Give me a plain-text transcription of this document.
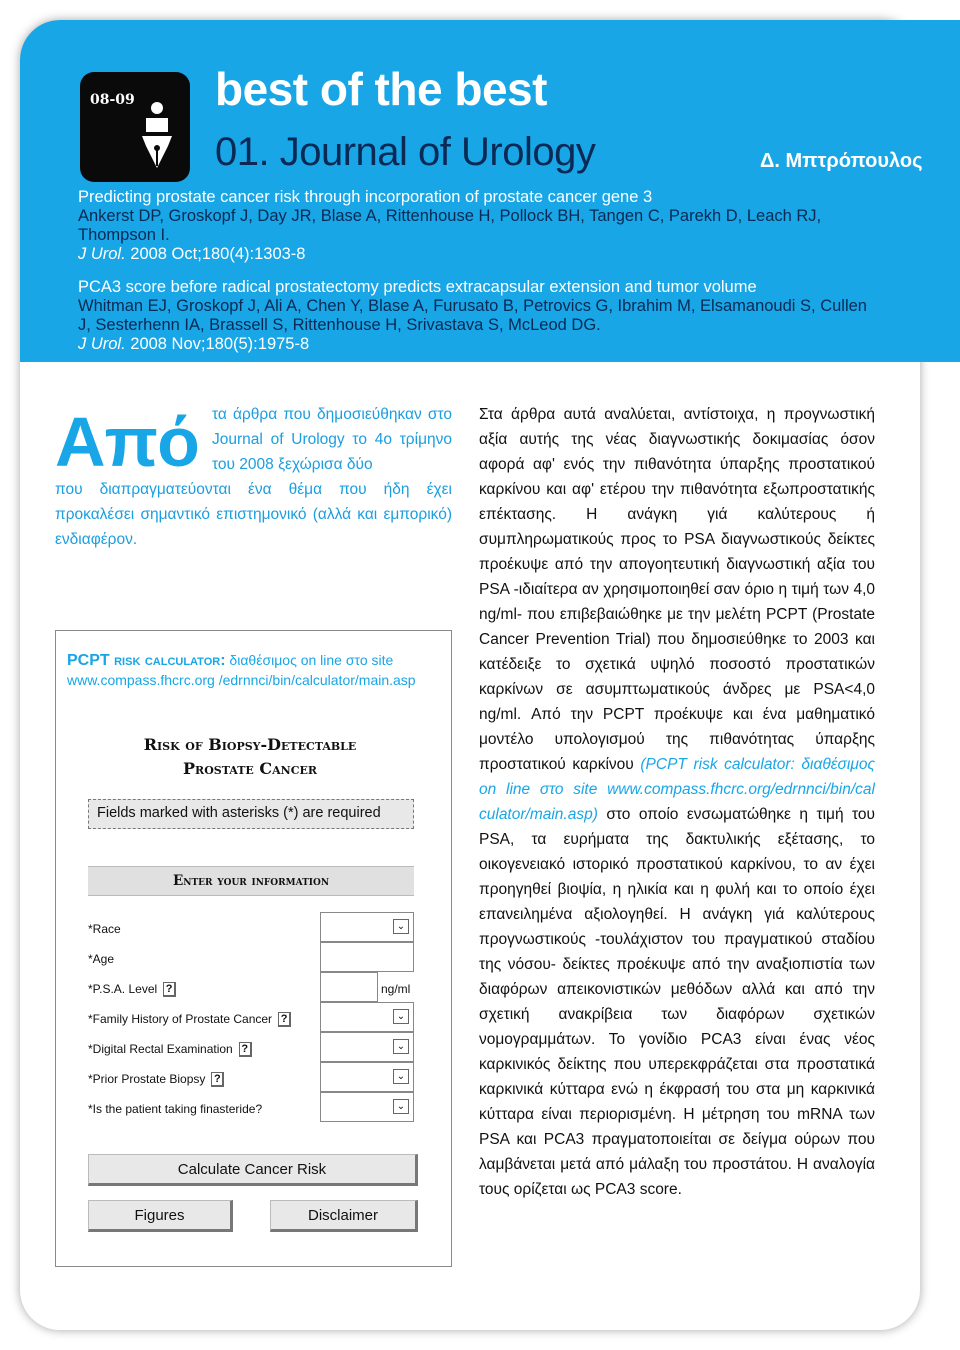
08-09 best of the best
01. Journal of Urology	Δ. Μπτρόπουλος
Predicting prostate cancer risk through incorporation of prostate cancer gene 3
Ankerst DP, Groskopf J, Day JR, Blase A, Rittenhouse H, Pollock BH, Tangen C, Parekh D, Leach RJ, Thompson I.
J Urol. 2008 Oct;180(4):1303-8
PCA3 score before radical prostatectomy predicts extracapsular extension and tumor volume
Whitman EJ, Groskopf J, Ali A, Chen Y, Blase A, Furusato B, Petrovics G, Ibrahim M, Elsamanoudi S, Cullen J, Sesterhenn IA, Brassell S, Rittenhouse H, Srivastava S, McLeod DG.
J Urol. 2008 Nov;180(5):1975-8
Από τα άρθρα που δημοσιεύθηκαν στο Journal of Urology το 4ο τρίμηνο του 2008 ξεχώρισα δύο
που διαπραγματεύονται ένα θέμα που ήδη έχει προκαλέσει σημαντικό επιστημονικό (αλλά και εμπορικό) ενδιαφέρον.
PCPT risk calculator: διαθέσιμος on line στο site
www.compass.fhcrc.org /edrnnci/bin/calculator/main.asp
Risk of Biopsy-Detectable
Prostate Cancer
Fields marked with asterisks (*) are required
Enter your information
*Race	⌄
*Age
*P.S.A. Level ?	ng/ml
*Family History of Prostate Cancer ?	⌄
*Digital Rectal Examination ?	⌄
*Prior Prostate Biopsy ?	⌄
*Is the patient taking finasteride?	⌄
Calculate Cancer Risk
Figures	Disclaimer
Στα άρθρα αυτά αναλύεται, αντίστοιχα, η προγνωστική αξία αυτής της νέας διαγνωστικής δοκιμασίας όσον αφορά αφ' ενός την πιθανότητα ύπαρξης προστατικού καρκίνου και αφ' ετέρου την πιθανότητα εξωπροστατικής επέκτασης. Η ανάγκη γιά καλύτερους ή συμπληρωματικούς προς το PSA διαγνωστικούς δείκτες προέκυψε από την απογοητευτική διαγνωστική αξία του PSA -ιδιαίτερα αν χρησιμοποιηθεί σαν όριο η τιμή των 4,0 ng/ml- που επιβεβαιώθηκε με την μελέτη PCPT (Prostate Cancer Prevention Trial) που δημοσιεύθηκε το 2003 και κατέδειξε το σχετικά υψηλό ποσοστό προστατικών καρκίνων σε ασυμπτωματικούς άνδρες με PSA<4,0 ng/ml. Από την PCPT προέκυψε και ένα μαθηματικό μοντέλο υπολογισμού της πιθανότητας ύπαρξης προστατικού καρκίνου (PCPT risk calculator: διαθέσιμος on line στο site www.compass.fhcrc.org/edrnnci/bin/cal culator/main.asp) στο οποίο ενσωματώθηκε η τιμή του PSA, τα ευρήματα της δακτυλικής εξέτασης, το οικογενειακό ιστορικό προστατικού καρκίνου, το αν έχει προηγηθεί βιοψία, η ηλικία και η φυλή και το οποίο έχει επανειλημένα αξιολογηθεί. Η ανάγκη γιά καλύτερους προγνωστικούς -τουλάχιστον του πραγματικού σταδίου της νόσου- δείκτες προέκυψε από την αναξιοπιστία των διαφόρων απεικονιστικών μεθόδων αλλά και από την σχετική ανακρίβεια των διαφόρων σχετικών νομογραμμάτων. Το γονίδιο PCA3 είναι ένας νέος καρκινικός δείκτης που υπερεκφράζεται στα προστατικά καρκινικά κύτταρα ενώ η έκφρασή του στα μη καρκινικά κύτταρα είναι περιορισμένη. Η μέτρηση του mRNA των PSA και PCA3 πραγματοποιείται σε δείγμα ούρων που λαμβάνεται μετά από μάλαξη του προστάτου. Η αναλογία τους ορίζεται ως PCA3 score.
